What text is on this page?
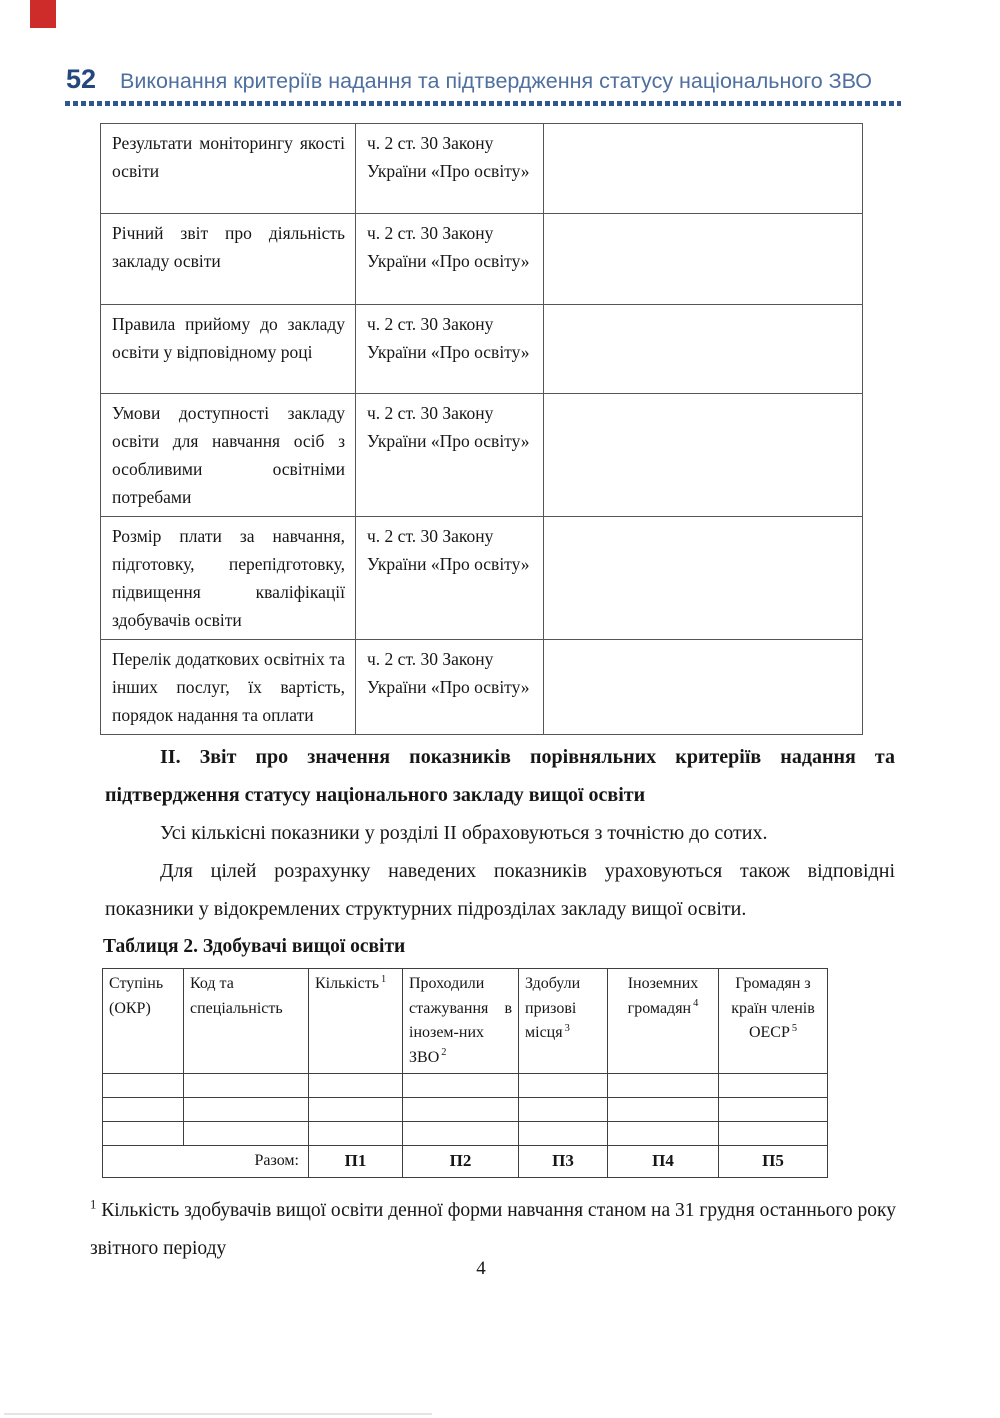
52 Виконання критеріїв надання та підтвердження статусу національного ЗВО
Результати моніторингу якості освіти	ч. 2 ст. 30 Закону України «Про освіту»	
Річний звіт про діяльність закладу освіти	ч. 2 ст. 30 Закону України «Про освіту»	
Правила прийому до закладу освіти у відповідному році	ч. 2 ст. 30 Закону України «Про освіту»	
Умови доступності закладу освіти для навчання осіб з особливими освітніми потребами	ч. 2 ст. 30 Закону України «Про освіту»	
Розмір плати за навчання, підготовку, перепідготовку, підвищення кваліфікації здобувачів освіти	ч. 2 ст. 30 Закону України «Про освіту»	
Перелік додаткових освітніх та інших послуг, їх вартість, порядок надання та оплати	ч. 2 ст. 30 Закону України «Про освіту»	

ІІ. Звіт про значення показників порівняльних критеріїв надання та підтвердження статусу національного закладу вищої освіти

Усі кількісні показники у розділі ІІ обраховуються з точністю до сотих.

Для цілей розрахунку наведених показників ураховуються також відповідні показники у відокремлених структурних підрозділах закладу вищої освіти.

Таблиця 2. Здобувачі вищої освіти
Ступінь (ОКР)	Код та спеціальність	Кількість $^1$	Проходили стажування в інозем-них ЗВО $^2$	Здобули призові місця $^3$	Іноземних громадян $^4$	Громадян з країн членів ОЕСР $^5$

Разом:		П1	П2	П3	П4	П5
$^1$ Кількість здобувачів вищої освіти денної форми навчання станом на 31 грудня останнього року звітного періоду
4
